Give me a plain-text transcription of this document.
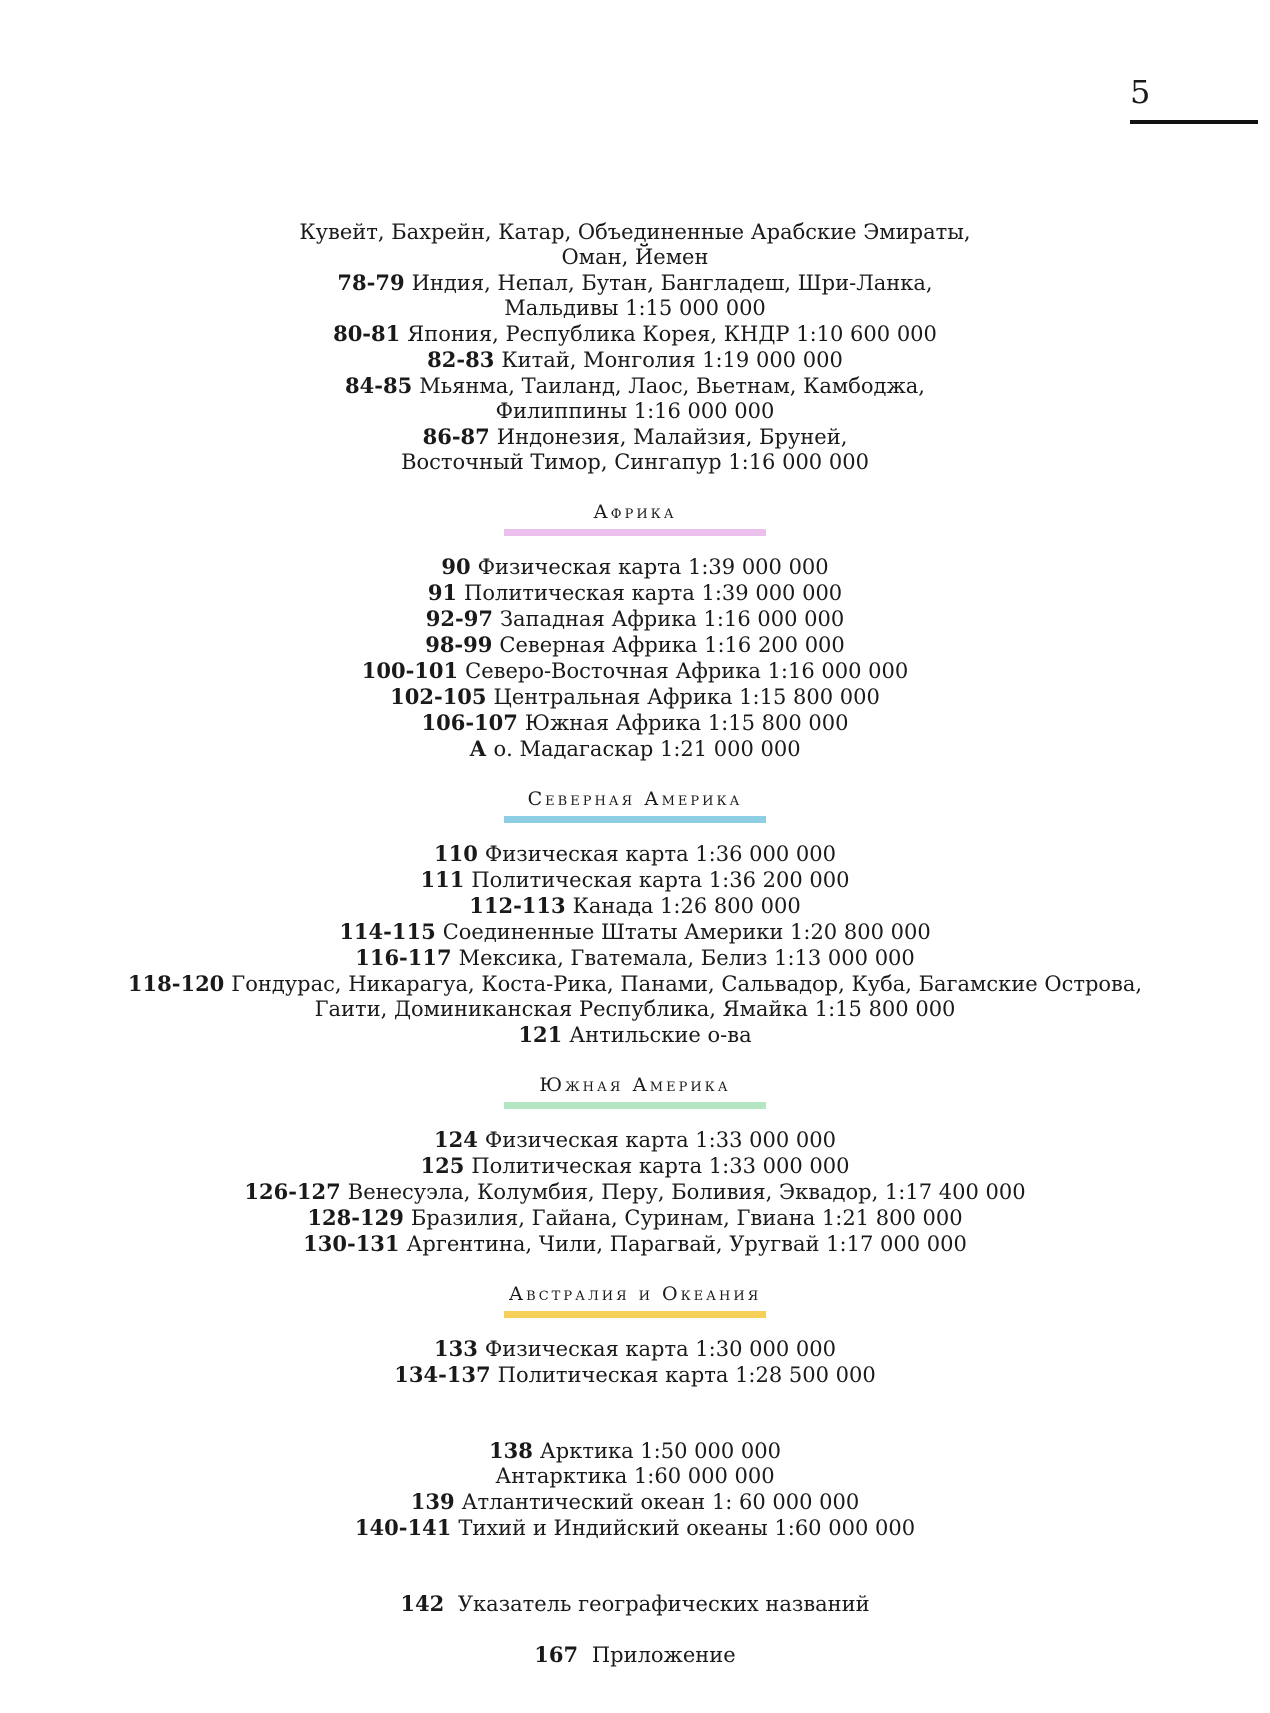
5
Кувейт, Бахрейн, Катар, Объединенные Арабские Эмираты,
Оман, Йемен
78-79 Индия, Непал, Бутан, Бангладеш, Шри-Ланка,
Мальдивы 1:15 000 000
80-81 Япония, Республика Корея, КНДР 1:10 600 000
82-83 Китай, Монголия 1:19 000 000
84-85 Мьянма, Таиланд, Лаос, Вьетнам, Камбоджа,
Филиппины 1:16 000 000
86-87 Индонезия, Малайзия, Бруней,
Восточный Тимор, Сингапур 1:16 000 000
Африка
90 Физическая карта 1:39 000 000
91 Политическая карта 1:39 000 000
92-97 Западная Африка 1:16 000 000
98-99 Северная Африка 1:16 200 000
100-101 Северо-Восточная Африка 1:16 000 000
102-105 Центральная Африка 1:15 800 000
106-107 Южная Африка 1:15 800 000
А о. Мадагаскар 1:21 000 000
Северная Америка
110 Физическая карта 1:36 000 000
111 Политическая карта 1:36 200 000
112-113 Канада 1:26 800 000
114-115 Соединенные Штаты Америки 1:20 800 000
116-117 Мексика, Гватемала, Белиз 1:13 000 000
118-120 Гондурас, Никарагуа, Коста-Рика, Панами, Сальвадор, Куба, Багамские Острова,
Гаити, Доминиканская Республика, Ямайка 1:15 800 000
121 Антильские о-ва
Южная Америка
124 Физическая карта 1:33 000 000
125 Политическая карта 1:33 000 000
126-127 Венесуэла, Колумбия, Перу, Боливия, Эквадор, 1:17 400 000
128-129 Бразилия, Гайана, Суринам, Гвиана 1:21 800 000
130-131 Аргентина, Чили, Парагвай, Уругвай 1:17 000 000
Австралия и Океания
133 Физическая карта 1:30 000 000
134-137 Политическая карта 1:28 500 000
138 Арктика 1:50 000 000
Антарктика 1:60 000 000
139 Атлантический океан 1: 60 000 000
140-141 Тихий и Индийский океаны 1:60 000 000
142 Указатель географических названий
167 Приложение
